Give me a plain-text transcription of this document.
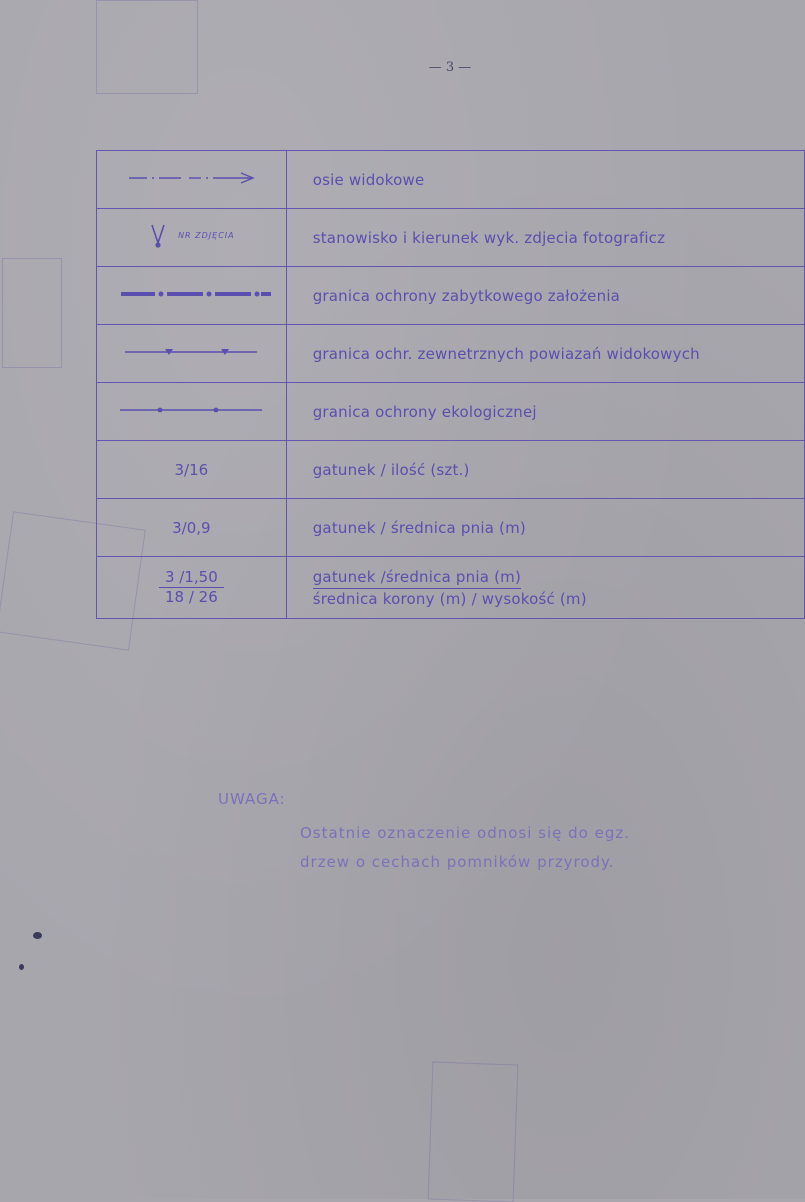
— 3 —
	osie widokowe

NR ZDJĘCIA	stanowisko i kierunek wyk. zdjecia fotograficz
	granica ochrony zabytkowego założenia
	granica ochr. zewnetrznych powiazań widokowych
	granica ochrony ekologicznej
3/16	gatunek / ilość (szt.)
3/0,9	gatunek / średnica pnia (m)

$\frac{3 /1,50}{18 / 26}$	$\frac{\text{gatunek /średnica pnia (m)}}{\text{średnica korony (m) / wysokość (m)}}$
UWAGA:
Ostatnie oznaczenie odnosi się do egz.
drzew o cechach pomników przyrody.
